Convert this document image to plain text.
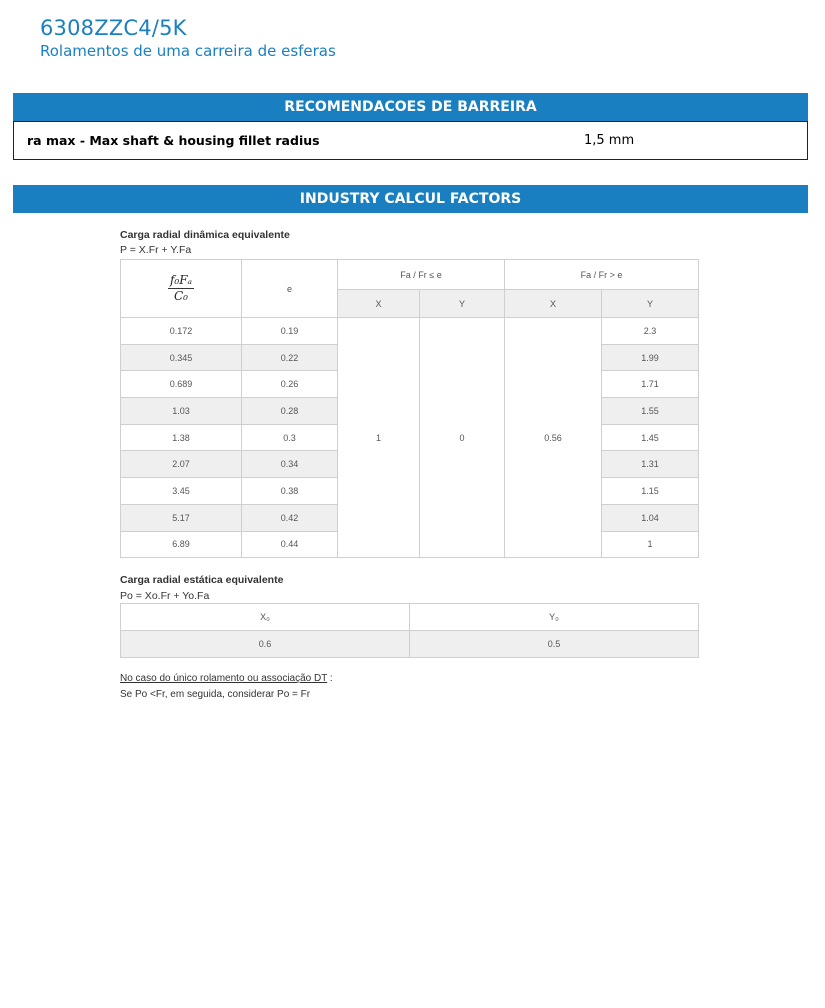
6308ZZC4/5K
Rolamentos de uma carreira de esferas
RECOMENDACOES DE BARREIRA
ra max - Max shaft & housing fillet radius	1,5 mm
INDUSTRY CALCUL FACTORS
Carga radial dinâmica equivalente
P = X.Fr + Y.Fa
$\frac{\text{f₀Fₐ}}{\text{C₀}}$	e	Fa / Fr ≤ e		Fa / Fr > e	
		X	Y	X	Y
0.172	0.19	1	0	0.56	2.3
0.345	0.22				1.99
0.689	0.26				1.71
1.03	0.28				1.55
1.38	0.3				1.45
2.07	0.34				1.31
3.45	0.38				1.15
5.17	0.42				1.04
6.89	0.44				1
Carga radial estática equivalente
Po = Xo.Fr + Yo.Fa
X₀	Y₀
0.6	0.5
No caso do único rolamento ou associação DT :
Se Po <Fr, em seguida, considerar Po = Fr
